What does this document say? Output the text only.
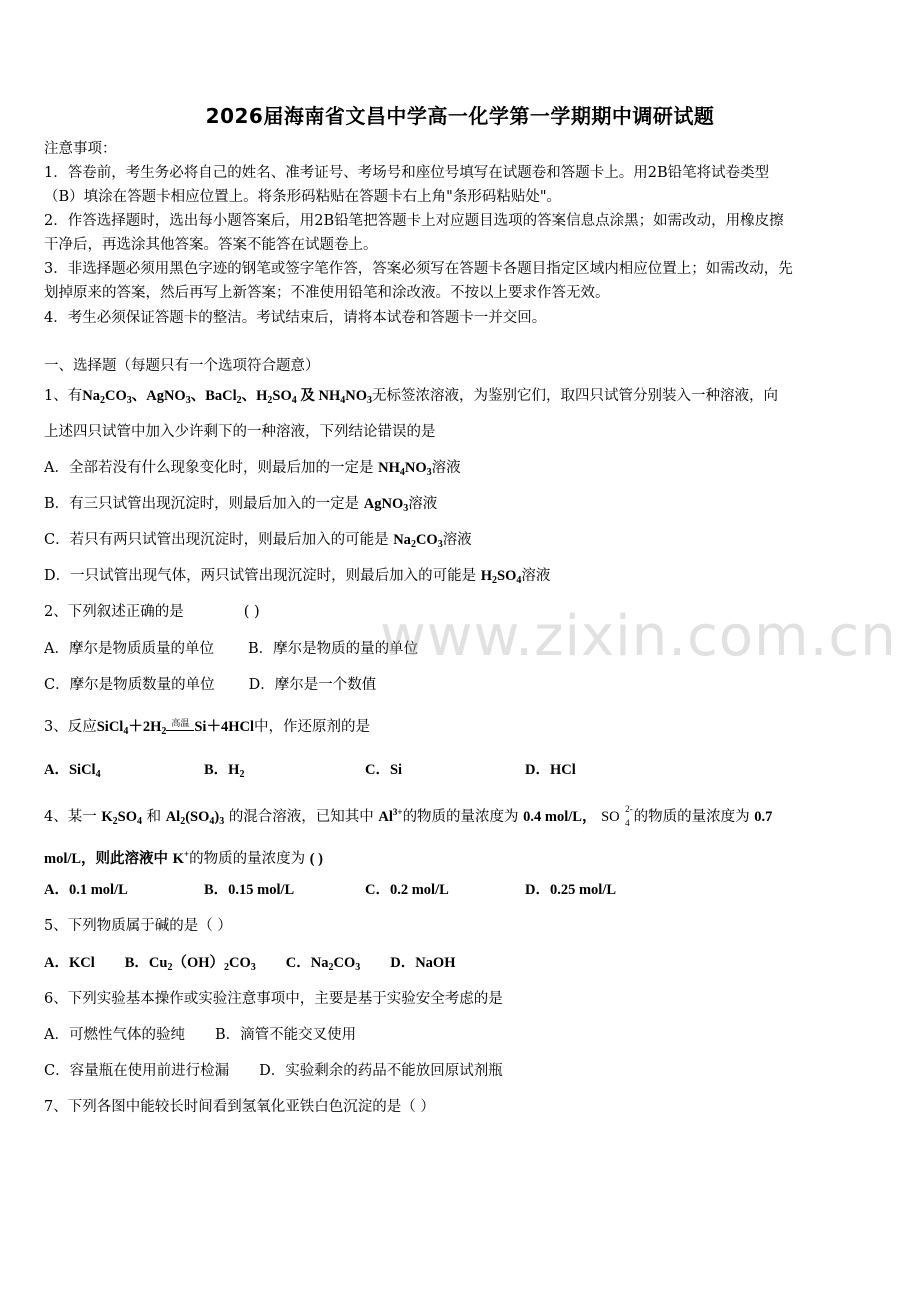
2026届海南省文昌中学高一化学第一学期期中调研试题
注意事项：
1．答卷前，考生务必将自己的姓名、准考证号、考场号和座位号填写在试题卷和答题卡上。用2B铅笔将试卷类型
（B）填涂在答题卡相应位置上。将条形码粘贴在答题卡右上角"条形码粘贴处"。
2．作答选择题时，选出每小题答案后，用2B铅笔把答题卡上对应题目选项的答案信息点涂黑；如需改动，用橡皮擦
干净后，再选涂其他答案。答案不能答在试题卷上。
3．非选择题必须用黑色字迹的钢笔或签字笔作答，答案必须写在答题卡各题目指定区域内相应位置上；如需改动，先
划掉原来的答案，然后再写上新答案；不准使用铅笔和涂改液。不按以上要求作答无效。
4．考生必须保证答题卡的整洁。考试结束后，请将本试卷和答题卡一并交回。
一、选择题（每题只有一个选项符合题意）
1、有$Na_2CO_3$、AgNO$_3$、BaCl$_2$、$H_2SO_4$ 及 $NH_4NO_3$无标签浓溶液，为鉴别它们，取四只试管分别装入一种溶液，向
上述四只试管中加入少许剩下的一种溶液，下列结论错误的是
A．全部若没有什么现象变化时，则最后加的一定是 $NH_4NO_3$溶液
B．有三只试管出现沉淀时，则最后加入的一定是 AgNO$_3$溶液
C．若只有两只试管出现沉淀时，则最后加入的可能是 $Na_2CO_3$溶液
D．一只试管出现气体，两只试管出现沉淀时，则最后加入的可能是 $H_2SO_4$溶液
2、下列叙述正确的是	( )
A．摩尔是物质质量的单位 B．摩尔是物质的量的单位
C．摩尔是物质数量的单位 D．摩尔是一个数值
3、反应$SiCl_4+2H_2$
高温 Si＋4HCl中，作还原剂的是
A．SiCl$_4$	B．$H_2$	C．Si	D．HCl
4、某一 $K_2SO_4$ 和 $Al_2(SO_4)_3$ 的混合溶液，已知其中 $Al^{3+}$的物质的量浓度为 0.4 mol/L， SO 2-
4 的物质的量浓度为 0.7
mol/L，则此溶液中 K+的物质的量浓度为 ( )
A．0.1 mol/L	B．0.15 mol/L	C．0.2 mol/L	D．0.25 mol/L
5、下列物质属于碱的是（ ）
A．KCl B．$Cu_2(OH)_2CO_3$ C．$Na_2CO_3$ D．NaOH
6、下列实验基本操作或实验注意事项中，主要是基于实验安全考虑的是
A．可燃性气体的验纯 B．滴管不能交叉使用
C．容量瓶在使用前进行检漏 D．实验剩余的药品不能放回原试剂瓶
7、下列各图中能较长时间看到氢氧化亚铁白色沉淀的是（ ）
www.zixin.com.cn
